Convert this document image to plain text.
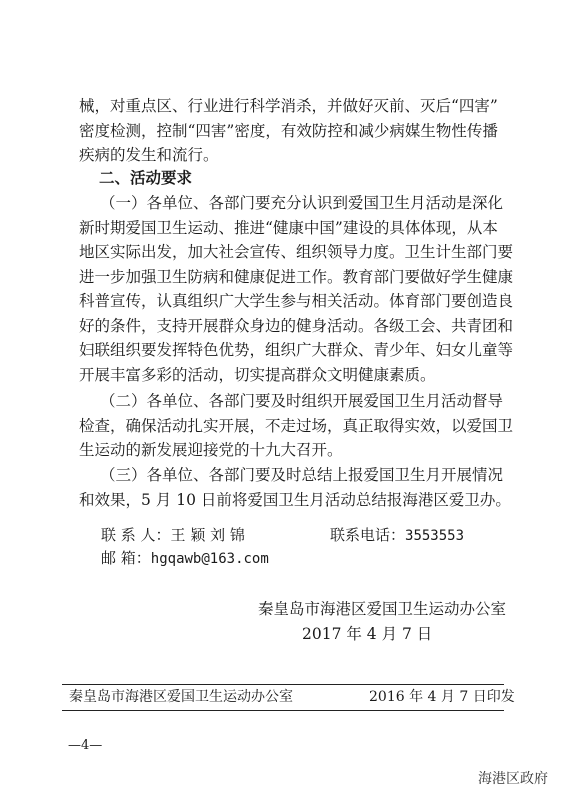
械，对重点区、行业进行科学消杀，并做好灭前、灭后“四害”
密度检测，控制“四害”密度，有效防控和减少病媒生物性传播
疾病的发生和流行。
二、活动要求
（一）各单位、各部门要充分认识到爱国卫生月活动是深化
新时期爱国卫生运动、推进“健康中国”建设的具体体现，从本
地区实际出发，加大社会宣传、组织领导力度。卫生计生部门要
进一步加强卫生防病和健康促进工作。教育部门要做好学生健康
科普宣传，认真组织广大学生参与相关活动。体育部门要创造良
好的条件，支持开展群众身边的健身活动。各级工会、共青团和
妇联组织要发挥特色优势，组织广大群众、青少年、妇女儿童等
开展丰富多彩的活动，切实提高群众文明健康素质。
（二）各单位、各部门要及时组织开展爱国卫生月活动督导
检查，确保活动扎实开展，不走过场，真正取得实效，以爱国卫
生运动的新发展迎接党的十九大召开。
（三）各单位、各部门要及时总结上报爱国卫生月开展情况
和效果，5 月 10 日前将爱国卫生月活动总结报海港区爱卫办。
联 系 人：王 颖 刘 锦	联系电话：3553553
邮 箱：hgqawb@163.com
秦皇岛市海港区爱国卫生运动办公室
2017 年 4 月 7 日
秦皇岛市海港区爱国卫生运动办公室	2016 年 4 月 7 日印发
—4—
海港区政府
